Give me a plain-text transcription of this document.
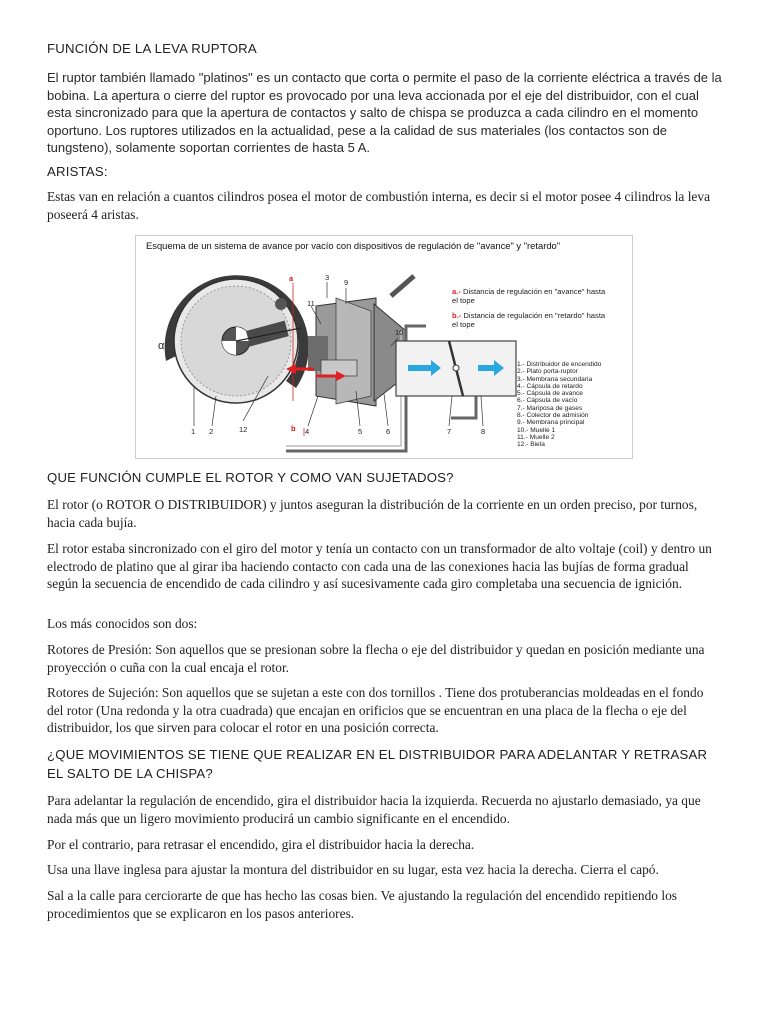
FUNCIÓN DE LA LEVA RUPTORA

El ruptor también llamado "platinos" es un contacto que corta o permite el paso de la corriente eléctrica a través de la bobina. La apertura o cierre del ruptor es provocado por una leva accionada por el eje del distribuidor, con el cual esta sincronizado para que la apertura de contactos y salto de chispa se produzca a cada cilindro en el momento oportuno. Los ruptores utilizados en la actualidad, pese a la calidad de sus materiales (los contactos son de tungsteno), solamente soportan corrientes de hasta 5 A.

ARISTAS:

Estas van en relación a cuantos cilindros posea el motor de combustión interna, es decir si el motor posee 4 cilindros la leva poseerá 4 aristas.

Esquema de un sistema de avance por vacío con dispositivos de regulación de "avance" y "retardo"
α
a
b
3
9
11
10
1 2	12	4	5	6	7	8
a.- Distancia de regulación en "avance" hasta el tope
b.- Distancia de regulación en "retardo" hasta el tope
1.- Distribuidor de encendido
2.- Plato porta-ruptor
3.- Membrana secundaria
4.- Cápsula de retardo
5.- Cápsula de avance
6.- Cápsula de vacío
7.- Mariposa de gases
8.- Colector de admisión
9.- Membrana principal
10.- Muelle 1
11.- Muelle 2
12.- Biela

QUE FUNCIÓN CUMPLE EL ROTOR Y COMO VAN SUJETADOS?

El rotor (o ROTOR O DISTRIBUIDOR) y juntos aseguran la distribución de la corriente en un orden preciso, por turnos, hacia cada bujía.

El rotor estaba sincronizado con el giro del motor y tenía un contacto con un transformador de alto voltaje (coil) y dentro un electrodo de platino que al girar iba haciendo contacto con cada una de las conexiones hacia las bujías de forma gradual según la secuencia de encendido de cada cilindro y así sucesivamente cada giro completaba una secuencia de ignición.

Los más conocidos son dos:

Rotores de Presión: Son aquellos que se presionan sobre la flecha o eje del distribuidor y quedan en posición mediante una proyección o cuña con la cual encaja el rotor.

Rotores de Sujeción: Son aquellos que se sujetan a este con dos tornillos . Tiene dos protuberancias moldeadas en el fondo del rotor (Una redonda y la otra cuadrada) que encajan en orificios que se encuentran en una placa de la flecha o eje del distribuidor, los que sirven para colocar el rotor en una posición correcta.

¿QUE MOVIMIENTOS SE TIENE QUE REALIZAR EN EL DISTRIBUIDOR PARA ADELANTAR Y RETRASAR EL SALTO DE LA CHISPA?

Para adelantar la regulación de encendido, gira el distribuidor hacia la izquierda. Recuerda no ajustarlo demasiado, ya que nada más que un ligero movimiento producirá un cambio significante en el encendido.

Por el contrario, para retrasar el encendido, gira el distribuidor hacia la derecha.

Usa una llave inglesa para ajustar la montura del distribuidor en su lugar, esta vez hacia la derecha. Cierra el capó.

Sal a la calle para cerciorarte de que has hecho las cosas bien. Ve ajustando la regulación del encendido repitiendo los procedimientos que se explicaron en los pasos anteriores.
